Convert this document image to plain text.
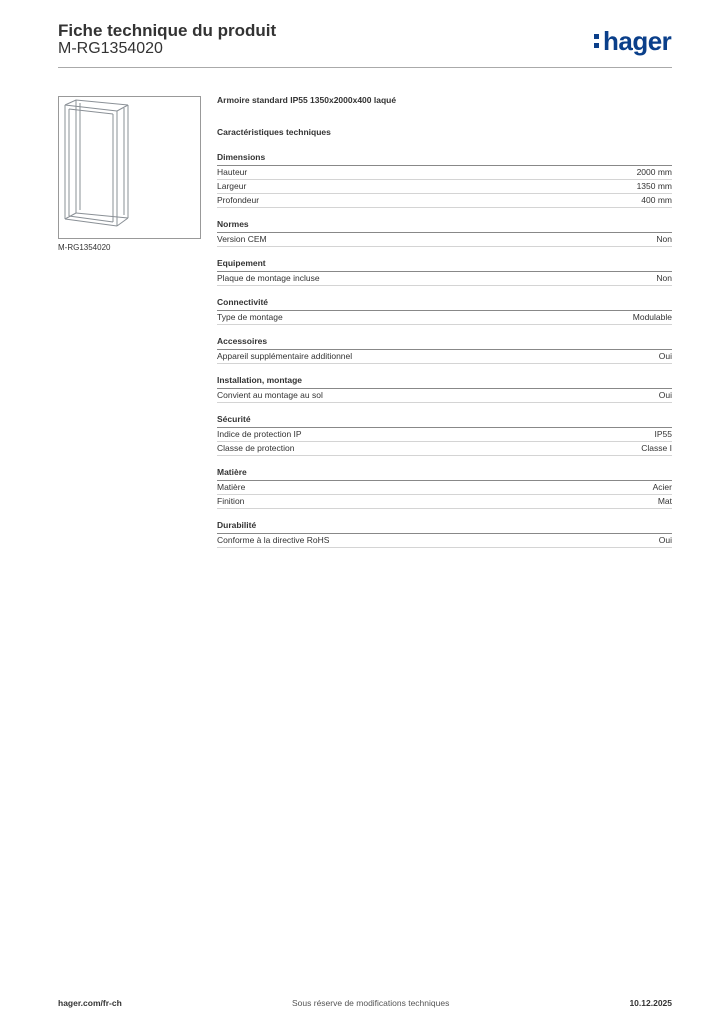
Fiche technique du produit
M-RG1354020	hager
M-RG1354020
Armoire standard IP55 1350x2000x400 laqué
Caractéristiques techniques
Dimensions
Hauteur	2000 mm
Largeur	1350 mm
Profondeur	400 mm
Normes
Version CEM	Non
Equipement
Plaque de montage incluse	Non
Connectivité
Type de montage	Modulable
Accessoires
Appareil supplémentaire additionnel	Oui
Installation, montage
Convient au montage au sol	Oui
Sécurité
Indice de protection IP	IP55
Classe de protection	Classe I
Matière
Matière	Acier
Finition	Mat
Durabilité
Conforme à la directive RoHS	Oui
hager.com/fr-ch	Sous réserve de modifications techniques	10.12.2025
